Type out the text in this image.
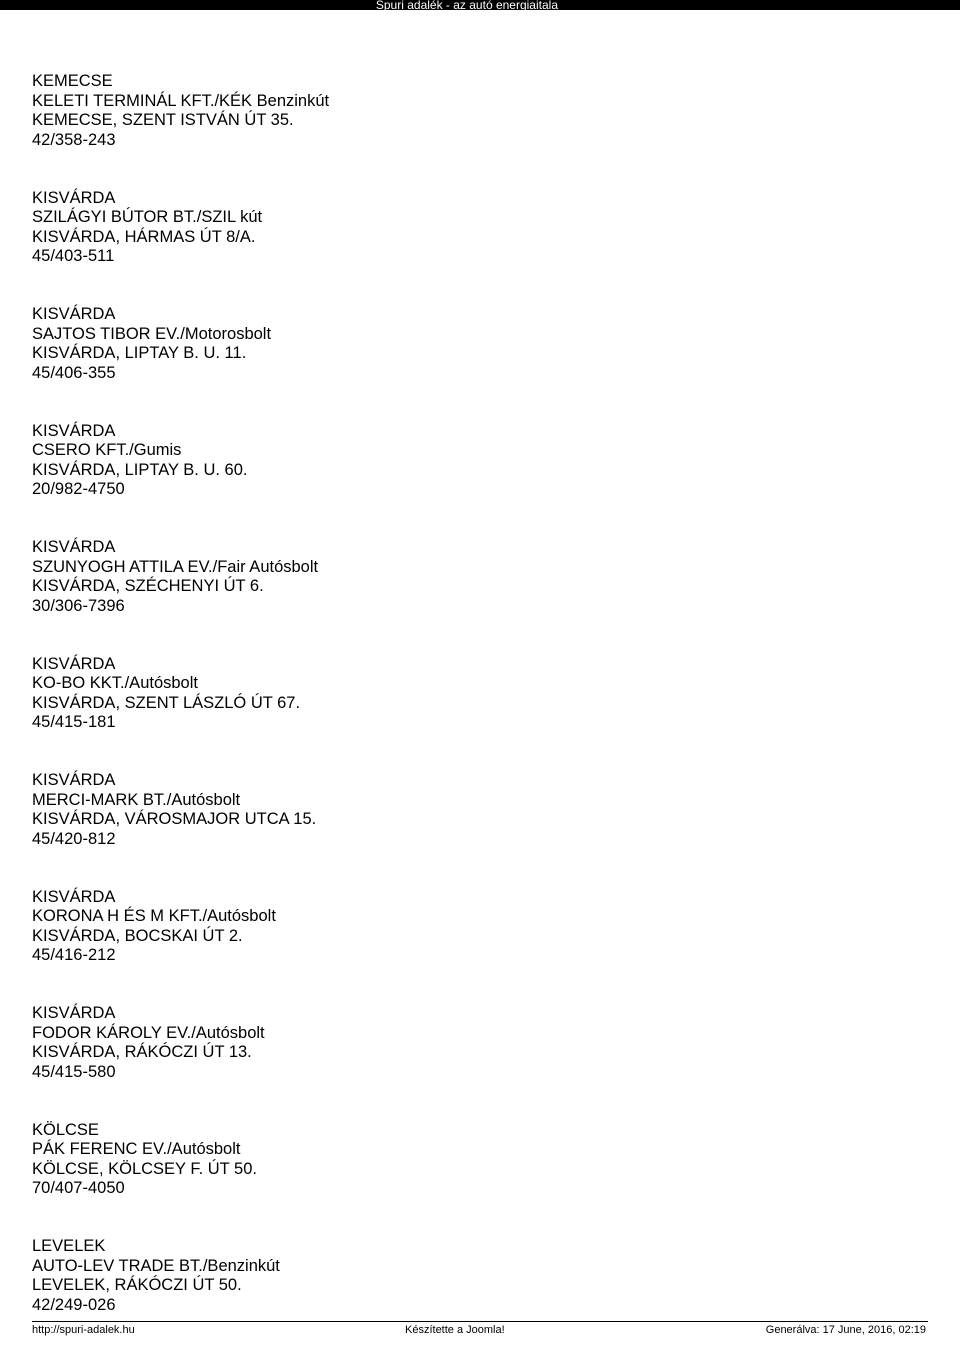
Spuri adalék - az autó energiaitala
KEMECSE
KELETI TERMINÁL KFT./KÉK Benzinkút
KEMECSE, SZENT ISTVÁN ÚT 35.
42/358-243
KISVÁRDA
SZILÁGYI BÚTOR BT./SZIL kút
KISVÁRDA, HÁRMAS ÚT 8/A.
45/403-511
KISVÁRDA
SAJTOS TIBOR EV./Motorosbolt
KISVÁRDA, LIPTAY B. U. 11.
45/406-355
KISVÁRDA
CSERO KFT./Gumis
KISVÁRDA, LIPTAY B. U. 60.
20/982-4750
KISVÁRDA
SZUNYOGH ATTILA EV./Fair Autósbolt
KISVÁRDA, SZÉCHENYI ÚT 6.
30/306-7396
KISVÁRDA
KO-BO KKT./Autósbolt
KISVÁRDA, SZENT LÁSZLÓ ÚT 67.
45/415-181
KISVÁRDA
MERCI-MARK BT./Autósbolt
KISVÁRDA, VÁROSMAJOR UTCA 15.
45/420-812
KISVÁRDA
KORONA H ÉS M KFT./Autósbolt
KISVÁRDA, BOCSKAI ÚT 2.
45/416-212
KISVÁRDA
FODOR KÁROLY EV./Autósbolt
KISVÁRDA, RÁKÓCZI ÚT 13.
45/415-580
KÖLCSE
PÁK FERENC EV./Autósbolt
KÖLCSE, KÖLCSEY F. ÚT 50.
70/407-4050
LEVELEK
AUTO-LEV TRADE BT./Benzinkút
LEVELEK, RÁKÓCZI ÚT 50.
42/249-026
http://spuri-adalek.hu	Készítette a Joomla!	Generálva: 17 June, 2016, 02:19
